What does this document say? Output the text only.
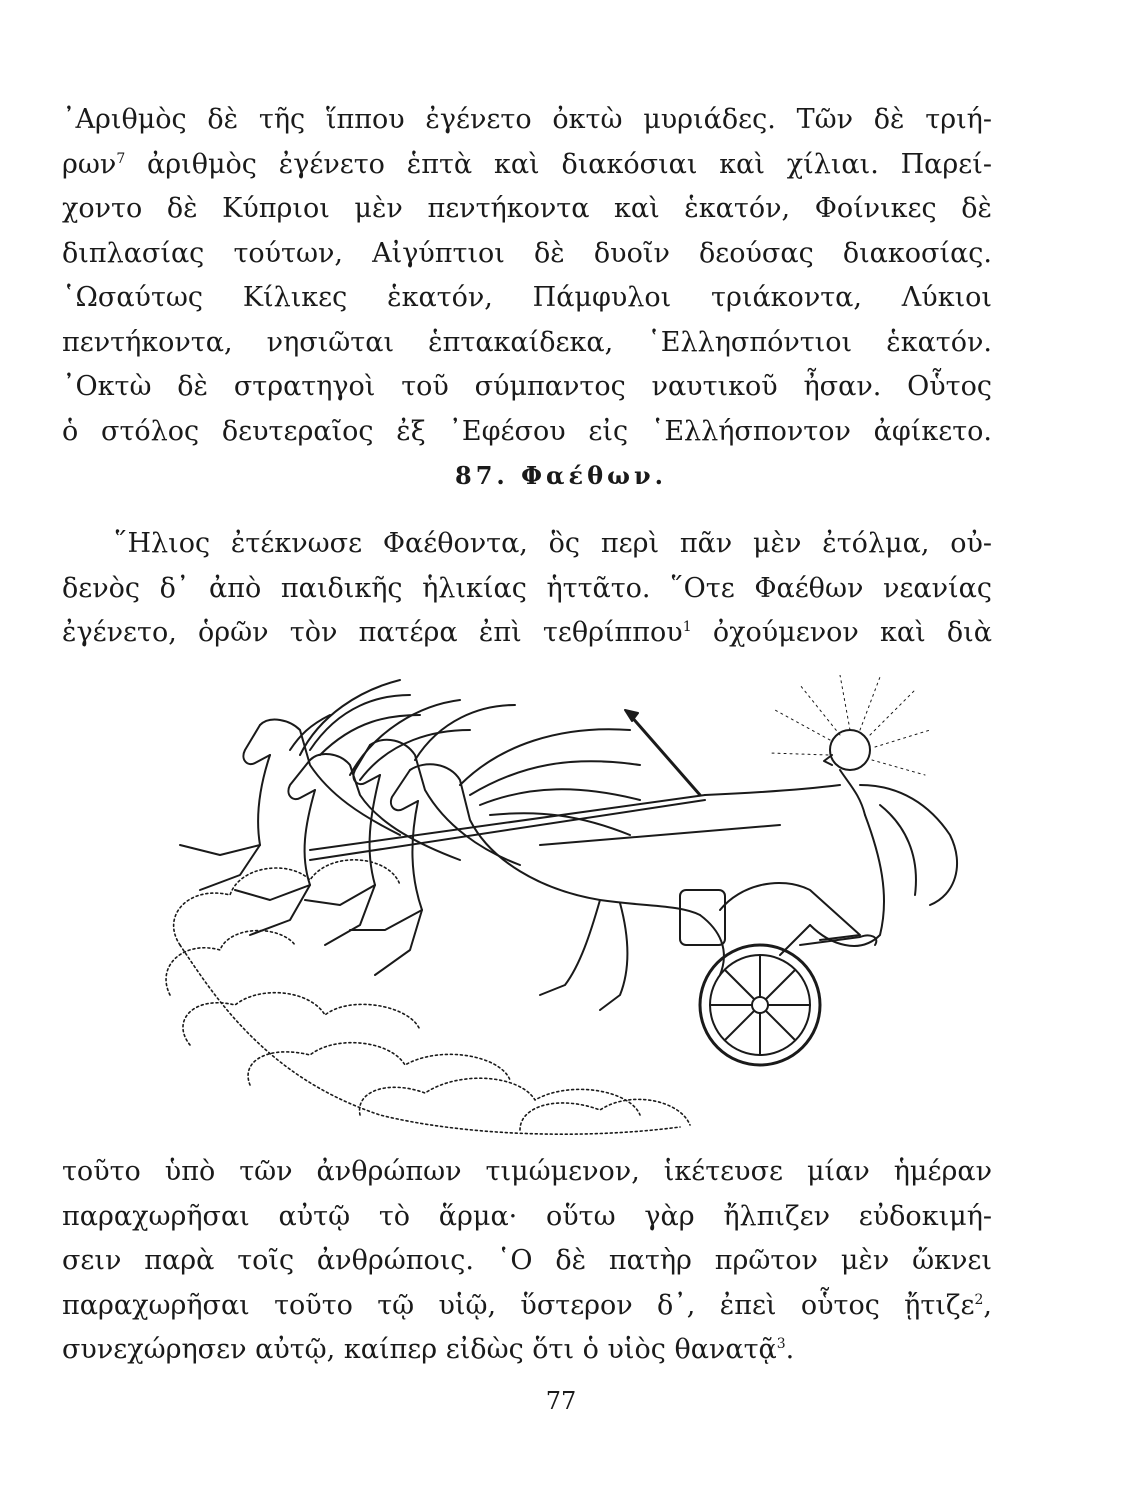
᾿Αριθμὸς δὲ τῆς ἵππου ἐγένετο ὀκτὼ μυριάδες. Τῶν δὲ τριή-
ρων$^7$ ἀριθμὸς ἐγένετο ἑπτὰ καὶ διακόσιαι καὶ χίλιαι. Παρεί-
χοντο δὲ Κύπριοι μὲν πεντήκοντα καὶ ἑκατόν, Φοίνικες δὲ
διπλασίας τούτων, Αἰγύπτιοι δὲ δυοῖν δεούσας διακοσίας.
῾Ωσαύτως Κίλικες ἑκατόν, Πάμφυλοι τριάκοντα, Λύκιοι
πεντήκοντα, νησιῶται ἑπτακαίδεκα, ῾Ελλησπόντιοι ἑκατόν.
᾿Οκτὼ δὲ στρατηγοὶ τοῦ σύμπαντος ναυτικοῦ ἦσαν. Οὗτος
ὁ στόλος δευτεραῖος ἐξ ᾿Εφέσου εἰς ῾Ελλήσποντον ἀφίκετο.
87. Φαέθων.
῞Ηλιος ἐτέκνωσε Φαέθοντα, ὃς περὶ πᾶν μὲν ἐτόλμα, οὐ-
δενὸς δ᾿ ἀπὸ παιδικῆς ἡλικίας ἡττᾶτο. ῞Οτε Φαέθων νεανίας
ἐγένετο, ὁρῶν τὸν πατέρα ἐπὶ τεθρίππου$^1$ ὀχούμενον καὶ διὰ
τοῦτο ὑπὸ τῶν ἀνθρώπων τιμώμενον, ἱκέτευσε μίαν ἡμέραν
παραχωρῆσαι αὐτῷ τὸ ἅρμα· οὕτω γὰρ ἤλπιζεν εὐδοκιμή-
σειν παρὰ τοῖς ἀνθρώποις. ῾Ο δὲ πατὴρ πρῶτον μὲν ὤκνει
παραχωρῆσαι τοῦτο τῷ υἱῷ, ὕστερον δ᾿, ἐπεὶ οὗτος ᾔτιζε$^2$,
συνεχώρησεν αὐτῷ, καίπερ εἰδὼς ὅτι ὁ υἱὸς θανατᾷ$^3$.
77
